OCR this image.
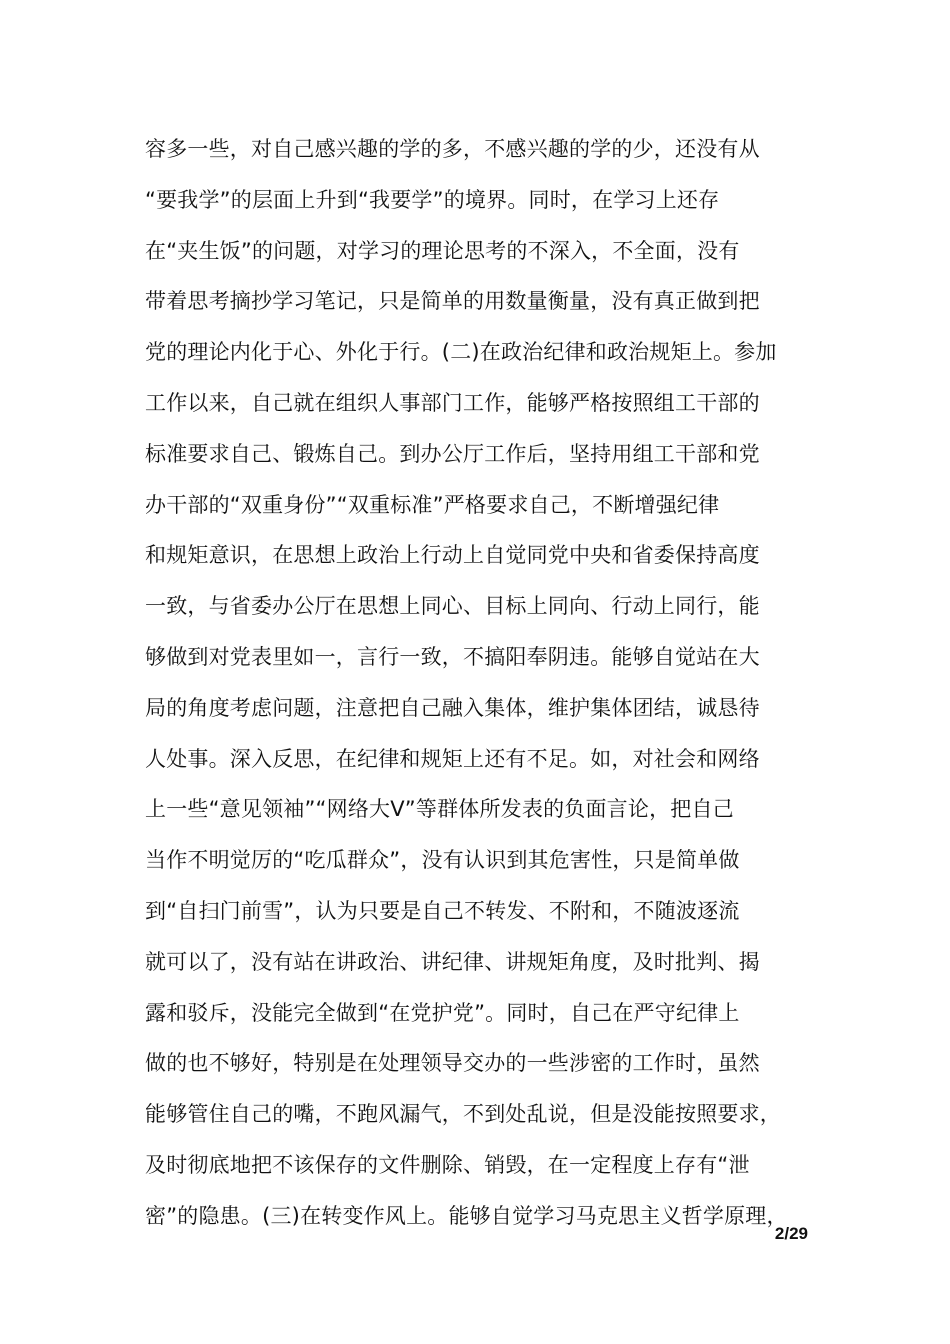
容多一些，对自己感兴趣的学的多，不感兴趣的学的少，还没有从
“要我学”的层面上升到“我要学”的境界。同时，在学习上还存
在“夹生饭”的问题，对学习的理论思考的不深入，不全面，没有
带着思考摘抄学习笔记，只是简单的用数量衡量，没有真正做到把
党的理论内化于心、外化于行。(二)在政治纪律和政治规矩上。参加
工作以来，自己就在组织人事部门工作，能够严格按照组工干部的
标准要求自己、锻炼自己。到办公厅工作后，坚持用组工干部和党
办干部的“双重身份”“双重标准”严格要求自己，不断增强纪律
和规矩意识，在思想上政治上行动上自觉同党中央和省委保持高度
一致，与省委办公厅在思想上同心、目标上同向、行动上同行，能
够做到对党表里如一，言行一致，不搞阳奉阴违。能够自觉站在大
局的角度考虑问题，注意把自己融入集体，维护集体团结，诚恳待
人处事。深入反思，在纪律和规矩上还有不足。如，对社会和网络
上一些“意见领袖”“网络大V”等群体所发表的负面言论，把自己
当作不明觉厉的“吃瓜群众”，没有认识到其危害性，只是简单做
到“自扫门前雪”，认为只要是自己不转发、不附和，不随波逐流
就可以了，没有站在讲政治、讲纪律、讲规矩角度，及时批判、揭
露和驳斥，没能完全做到“在党护党”。同时，自己在严守纪律上
做的也不够好，特别是在处理领导交办的一些涉密的工作时，虽然
能够管住自己的嘴，不跑风漏气，不到处乱说，但是没能按照要求，
及时彻底地把不该保存的文件删除、销毁，在一定程度上存有“泄
密”的隐患。(三)在转变作风上。能够自觉学习马克思主义哲学原理，
2/29
